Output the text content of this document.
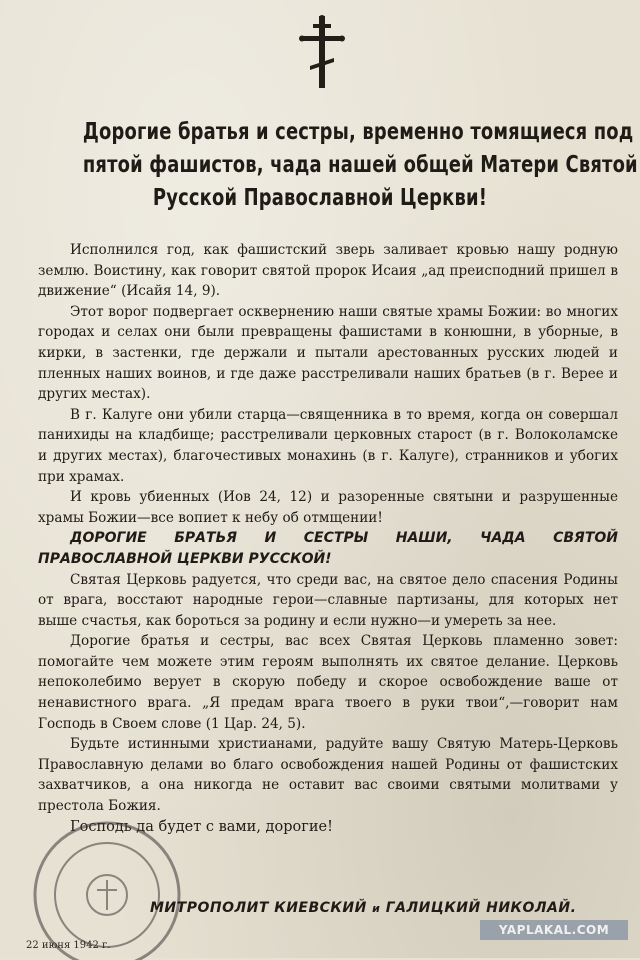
Дорогие братья и сестры, временно томящиеся под
пятой фашистов, чада нашей общей Матери Святой
Русской Православной Церкви!

Исполнился год, как фашистский зверь заливает кровью нашу родную землю. Воистину, как говорит святой пророк Исаия „ад преисподний пришел в движение“ (Исайя 14, 9).

Этот ворог подвергает осквернению наши святые храмы Божии: во многих городах и селах они были превращены фашистами в конюшни, в уборные, в кирки, в застенки, где держали и пытали арестованных русских людей и пленных наших воинов, и где даже расстреливали наших братьев (в г. Верее и других местах).

В г. Калуге они убили старца—священника в то время, когда он совершал панихиды на кладбище; расстреливали церковных старост (в г. Волоколамске и других местах), благочестивых монахинь (в г. Калуге), странников и убогих при храмах.

И кровь убиенных (Иов 24, 12) и разоренные святыни и разрушенные храмы Божии—все вопиет к небу об отмщении!

ДОРОГИЕ БРАТЬЯ И СЕСТРЫ НАШИ, ЧАДА СВЯТОЙ ПРАВОСЛАВНОЙ ЦЕРКВИ РУССКОЙ!

Святая Церковь радуется, что среди вас, на святое дело спасения Родины от врага, восстают народные герои—славные партизаны, для которых нет выше счастья, как бороться за родину и если нужно—и умереть за нее.

Дорогие братья и сестры, вас всех Святая Церковь пламенно зовет: помогайте чем можете этим героям выполнять их святое делание. Церковь непоколебимо верует в скорую победу и скорое освобождение ваше от ненавистного врага. „Я предам врага твоего в руки твои“,—говорит нам Господь в Своем слове (1 Цар. 24, 5).

Будьте истинными христианами, радуйте вашу Святую Матерь-Церковь Православную делами во благо освобождения нашей Родины от фашистских захватчиков, а она никогда не оставит вас своими святыми молитвами у престола Божия.

Господь да будет с вами, дорогие!

МИТРОПОЛИТ КИЕВСКИЙ и ГАЛИЦКИЙ НИКОЛАЙ.
22 июня 1942 г.
YAPLAKAL.COM
